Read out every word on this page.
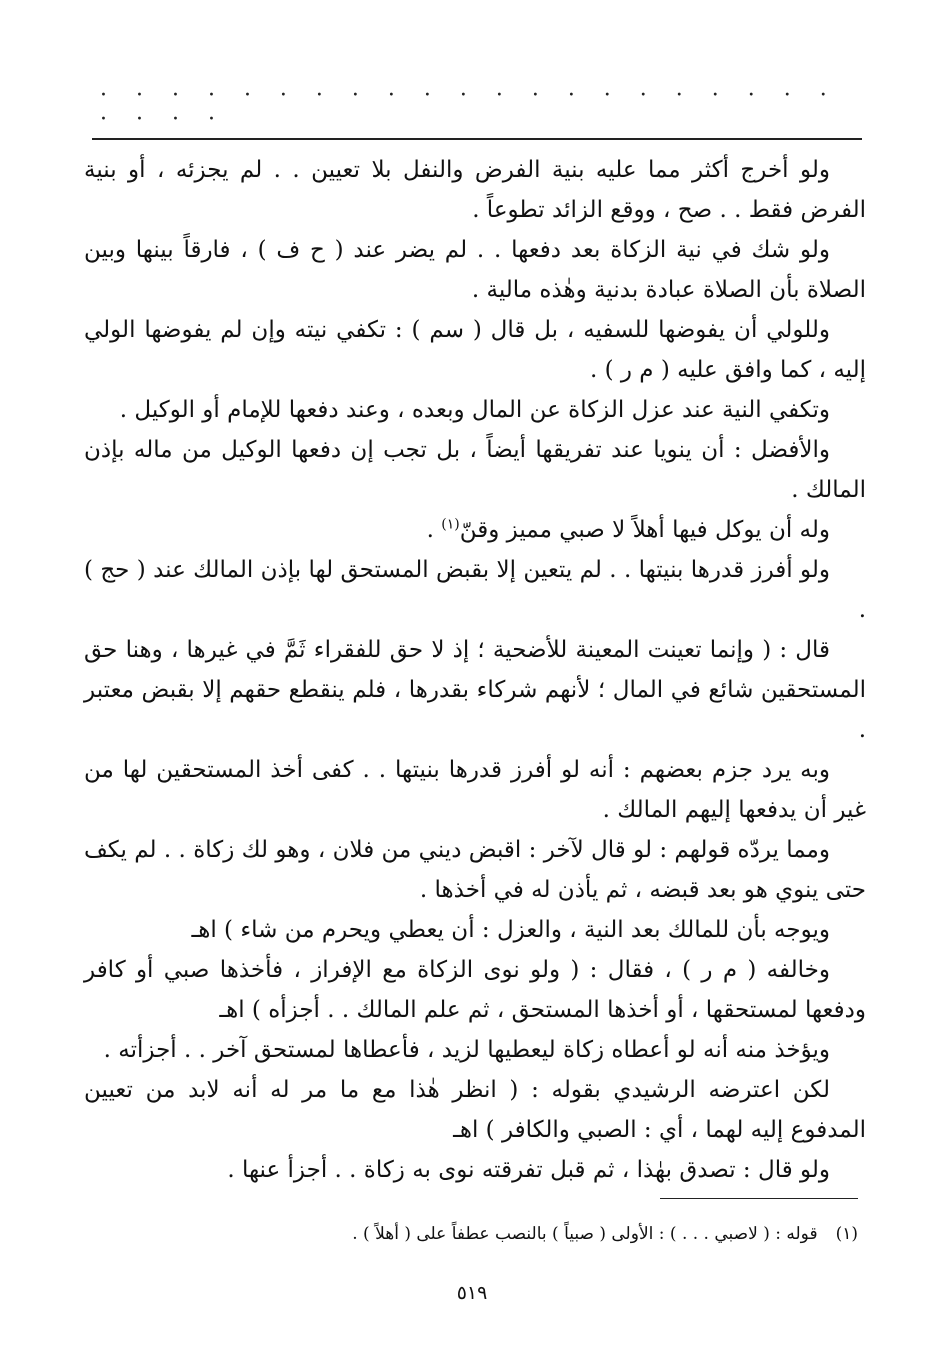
· · · · · · · · · · · · · · · · · · · · · · · · ·

ولو أخرج أكثر مما عليه بنية الفرض والنفل بلا تعيين . . لم يجزئه ، أو بنية الفرض فقط . . صح ، ووقع الزائد تطوعاً .

ولو شك في نية الزكاة بعد دفعها . . لم يضر عند ( ح ف ) ، فارقاً بينها وبين الصلاة بأن الصلاة عبادة بدنية وهٰذه مالية .

وللولي أن يفوضها للسفيه ، بل قال ( سم ) : تكفي نيته وإن لم يفوضها الولي إليه ، كما وافق عليه ( م ر ) .

وتكفي النية عند عزل الزكاة عن المال وبعده ، وعند دفعها للإمام أو الوكيل .

والأفضل : أن ينويا عند تفريقها أيضاً ، بل تجب إن دفعها الوكيل من ماله بإذن المالك .

وله أن يوكل فيها أهلاً لا صبي مميز وقنّ$^{(١)}$ .

ولو أفرز قدرها بنيتها . . لم يتعين إلا بقبض المستحق لها بإذن المالك عند ( حج ) .

قال : ( وإنما تعينت المعينة للأضحية ؛ إذ لا حق للفقراء ثَمَّ في غيرها ، وهنا حق المستحقين شائع في المال ؛ لأنهم شركاء بقدرها ، فلم ينقطع حقهم إلا بقبض معتبر .

وبه يرد جزم بعضهم : أنه لو أفرز قدرها بنيتها . . كفى أخذ المستحقين لها من غير أن يدفعها إليهم المالك .

ومما يردّه قولهم : لو قال لآخر : اقبض ديني من فلان ، وهو لك زكاة . . لم يكف حتى ينوي هو بعد قبضه ، ثم يأذن له في أخذها .

ويوجه بأن للمالك بعد النية ، والعزل : أن يعطي ويحرم من شاء ) اهـ

وخالفه ( م ر ) ، فقال : ( ولو نوى الزكاة مع الإفراز ، فأخذها صبي أو كافر ودفعها لمستحقها ، أو أخذها المستحق ، ثم علم المالك . . أجزأه ) اهـ

ويؤخذ منه أنه لو أعطاه زكاة ليعطيها لزيد ، فأعطاها لمستحق آخر . . أجزأته .

لكن اعترضه الرشيدي بقوله : ( انظر هٰذا مع ما مر له أنه لابد من تعيين المدفوع إليه لهما ، أي : الصبي والكافر ) اهـ

ولو قال : تصدق بهٰذا ، ثم قبل تفرقته نوى به زكاة . . أجزأ عنها .

(١)قوله : ( لاصبي . . . ) : الأولى ( صبياً ) بالنصب عطفاً على ( أهلاً ) .
٥١٩
